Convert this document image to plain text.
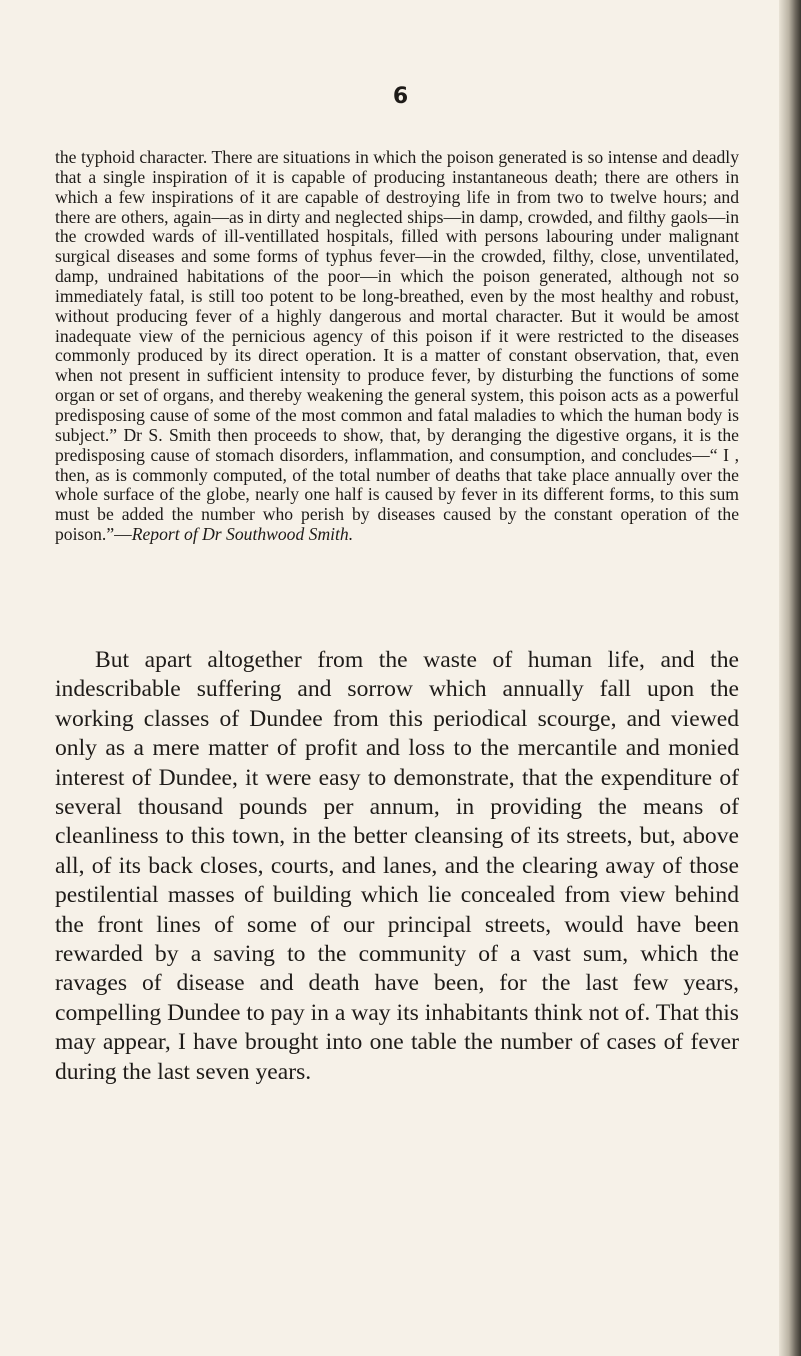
6

the typhoid character. There are situations in which the poison generated is so intense and deadly that a single inspiration of it is capable of producing instantaneous death; there are others in which a few inspirations of it are capable of destroying life in from two to twelve hours; and there are others, again—as in dirty and neglected ships—in damp, crowded, and filthy gaols—in the crowded wards of ill-ventillated hospitals, filled with persons labouring under malignant surgical diseases and some forms of typhus fever—in the crowded, filthy, close, unventilated, damp, undrained habitations of the poor—in which the poison generated, although not so immediately fatal, is still too potent to be long-breathed, even by the most healthy and robust, without producing fever of a highly dangerous and mortal character. But it would be amost inadequate view of the pernicious agency of this poison if it were restricted to the diseases commonly produced by its direct operation. It is a matter of constant observation, that, even when not present in sufficient intensity to produce fever, by disturbing the functions of some organ or set of organs, and thereby weakening the general system, this poison acts as a powerful predisposing cause of some of the most common and fatal maladies to which the human body is subject.” Dr S. Smith then proceeds to show, that, by deranging the digestive organs, it is the predisposing cause of stomach disorders, inflammation, and consumption, and concludes—“ I , then, as is commonly computed, of the total number of deaths that take place annually over the whole surface of the globe, nearly one half is caused by fever in its different forms, to this sum must be added the number who perish by diseases caused by the constant operation of the poison.”—Report of Dr Southwood Smith.

But apart altogether from the waste of human life, and the indescribable suffering and sorrow which annually fall upon the working classes of Dundee from this periodical scourge, and viewed only as a mere matter of profit and loss to the mercantile and monied interest of Dundee, it were easy to demonstrate, that the expenditure of several thousand pounds per annum, in providing the means of cleanliness to this town, in the better cleansing of its streets, but, above all, of its back closes, courts, and lanes, and the clearing away of those pestilential masses of building which lie concealed from view behind the front lines of some of our principal streets, would have been rewarded by a saving to the community of a vast sum, which the ravages of disease and death have been, for the last few years, compelling Dundee to pay in a way its inhabitants think not of. That this may appear, I have brought into one table the number of cases of fever during the last seven years.
